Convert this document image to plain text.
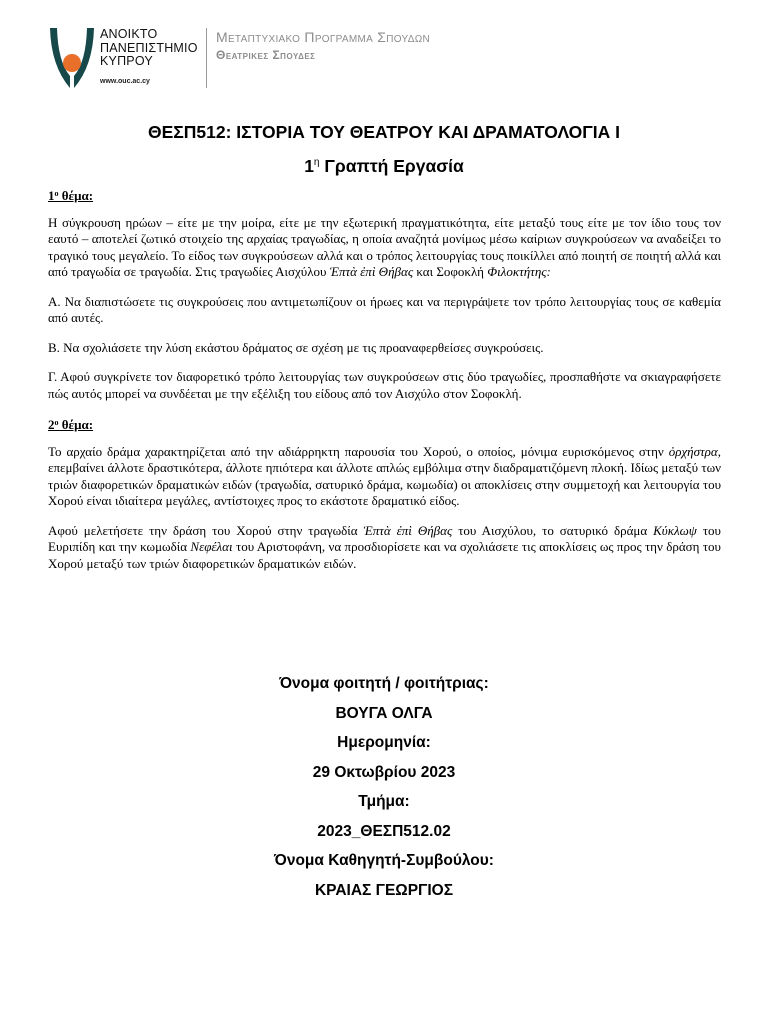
ΑΝΟΙΚΤΟ
ΠΑΝΕΠΙΣΤΗΜΙΟ
ΚΥΠΡΟΥ
www.ouc.ac.cy
Μεταπτυχιακο Προγραμμα Σπουδων
Θεατρικες Σπουδες
ΘΕΣΠ512: ΙΣΤΟΡΙΑ ΤΟΥ ΘΕΑΤΡΟΥ ΚΑΙ ΔΡΑΜΑΤΟΛΟΓΙΑ Ι
$1^\eta$ Γραπτή Εργασία

$1^o$ θέμα:

Η σύγκρουση ηρώων – είτε με την μοίρα, είτε με την εξωτερική πραγματικότητα, είτε μεταξύ τους είτε με τον ίδιο τους τον εαυτό – αποτελεί ζωτικό στοιχείο της αρχαίας τραγωδίας, η οποία αναζητά μονίμως μέσω καίριων συγκρούσεων να αναδείξει το τραγικό τους μεγαλείο. Το είδος των συγκρούσεων αλλά και ο τρόπος λειτουργίας τους ποικίλλει από ποιητή σε ποιητή αλλά και από τραγωδία σε τραγωδία. Στις τραγωδίες Αισχύλου Ἑπτὰ ἐπὶ Θήβας και Σοφοκλή Φιλοκτήτης:

Α. Να διαπιστώσετε τις συγκρούσεις που αντιμετωπίζουν οι ήρωες και να περιγράψετε τον τρόπο λειτουργίας τους σε καθεμία από αυτές.

Β. Να σχολιάσετε την λύση εκάστου δράματος σε σχέση με τις προαναφερθείσες συγκρούσεις.

Γ. Αφού συγκρίνετε τον διαφορετικό τρόπο λειτουργίας των συγκρούσεων στις δύο τραγωδίες, προσπαθήστε να σκιαγραφήσετε πώς αυτός μπορεί να συνδέεται με την εξέλιξη του είδους από τον Αισχύλο στον Σοφοκλή.

$2^o$ θέμα:

Το αρχαίο δράμα χαρακτηρίζεται από την αδιάρρηκτη παρουσία του Χορού, ο οποίος, μόνιμα ευρισκόμενος στην ὀρχήστρα, επεμβαίνει άλλοτε δραστικότερα, άλλοτε ηπιότερα και άλλοτε απλώς εμβόλιμα στην διαδραματιζόμενη πλοκή. Ιδίως μεταξύ των τριών διαφορετικών δραματικών ειδών (τραγωδία, σατυρικό δράμα, κωμωδία) οι αποκλίσεις στην συμμετοχή και λειτουργία του Χορού είναι ιδιαίτερα μεγάλες, αντίστοιχες προς το εκάστοτε δραματικό είδος.

Αφού μελετήσετε την δράση του Χορού στην τραγωδία Ἑπτὰ ἐπὶ Θήβας του Αισχύλου, το σατυρικό δράμα Κύκλωψ του Ευριπίδη και την κωμωδία Νεφέλαι του Αριστοφάνη, να προσδιορίσετε και να σχολιάσετε τις αποκλίσεις ως προς την δράση του Χορού μεταξύ των τριών διαφορετικών δραματικών ειδών.

Όνομα φοιτητή / φοιτήτριας:
ΒΟΥΓΑ ΟΛΓΑ
Ημερομηνία:
29 Οκτωβρίου 2023
Τμήμα:
2023_ΘΕΣΠ512.02
Όνομα Καθηγητή-Συμβούλου:
ΚΡΑΙΑΣ ΓΕΩΡΓΙΟΣ
